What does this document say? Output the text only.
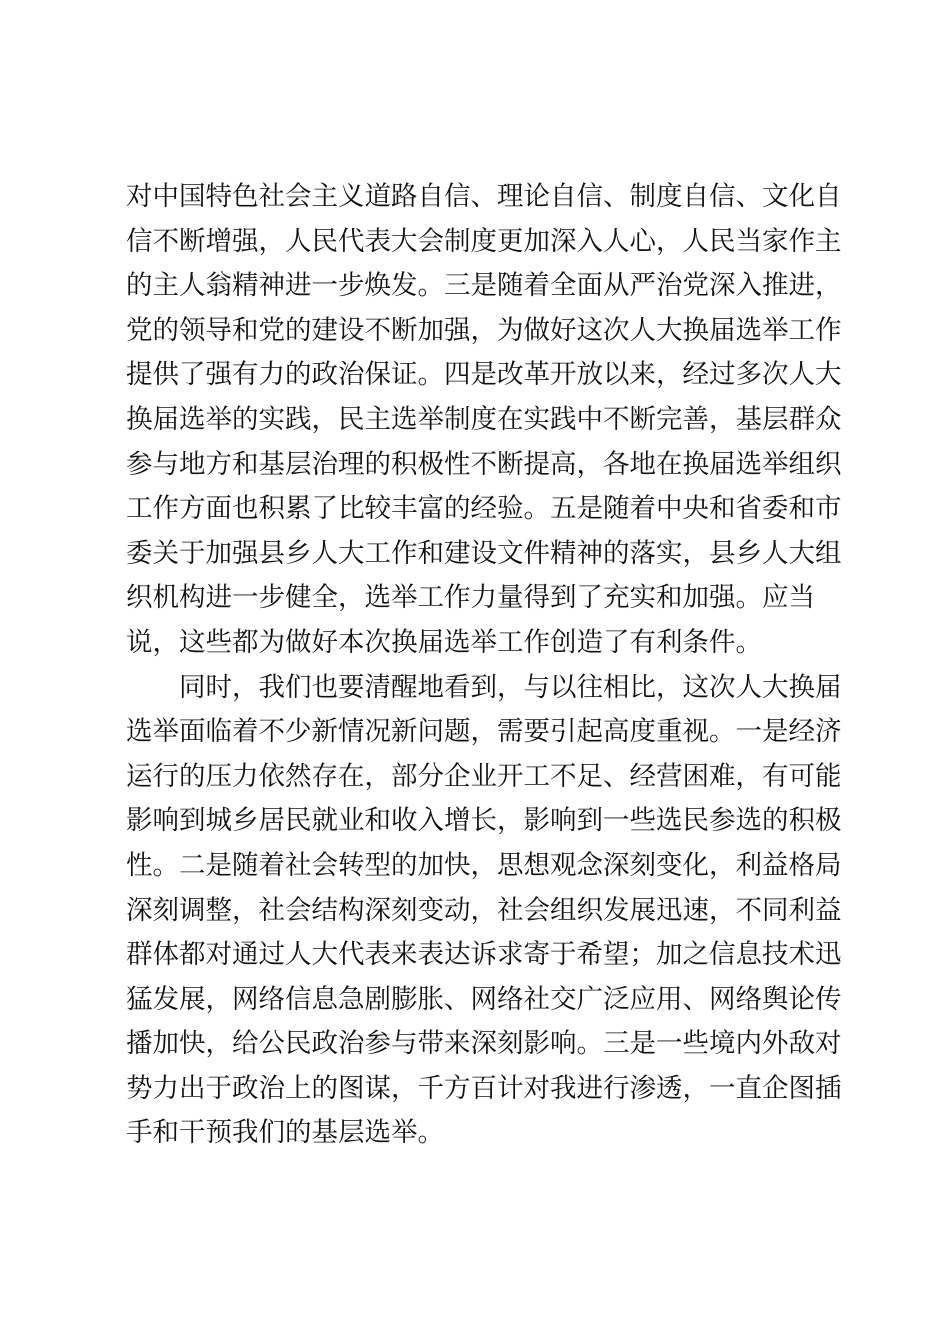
对中国特色社会主义道路自信、理论自信、制度自信、文化自
信不断增强，人民代表大会制度更加深入人心，人民当家作主
的主人翁精神进一步焕发。三是随着全面从严治党深入推进，
党的领导和党的建设不断加强，为做好这次人大换届选举工作
提供了强有力的政治保证。四是改革开放以来，经过多次人大
换届选举的实践，民主选举制度在实践中不断完善，基层群众
参与地方和基层治理的积极性不断提高，各地在换届选举组织
工作方面也积累了比较丰富的经验。五是随着中央和省委和市
委关于加强县乡人大工作和建设文件精神的落实，县乡人大组
织机构进一步健全，选举工作力量得到了充实和加强。应当
说，这些都为做好本次换届选举工作创造了有利条件。
同时，我们也要清醒地看到，与以往相比，这次人大换届
选举面临着不少新情况新问题，需要引起高度重视。一是经济
运行的压力依然存在，部分企业开工不足、经营困难，有可能
影响到城乡居民就业和收入增长，影响到一些选民参选的积极
性。二是随着社会转型的加快，思想观念深刻变化，利益格局
深刻调整，社会结构深刻变动，社会组织发展迅速，不同利益
群体都对通过人大代表来表达诉求寄于希望；加之信息技术迅
猛发展，网络信息急剧膨胀、网络社交广泛应用、网络舆论传
播加快，给公民政治参与带来深刻影响。三是一些境内外敌对
势力出于政治上的图谋，千方百计对我进行渗透，一直企图插
手和干预我们的基层选举。
